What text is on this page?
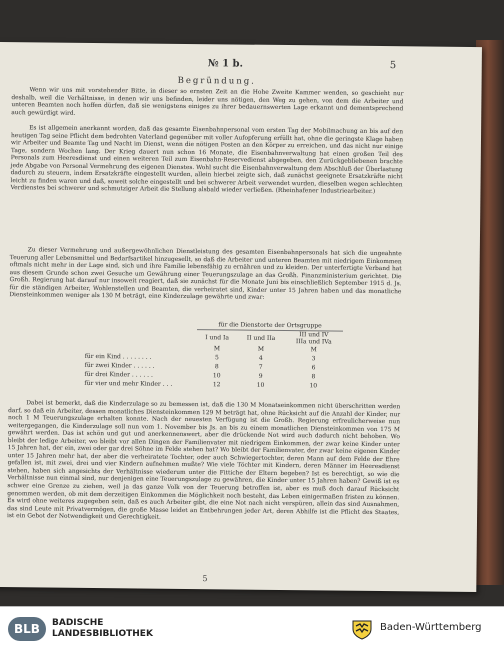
№ 1 b.	5
Begründung.

Wenn wir uns mit vorstehender Bitte, in dieser so ernsten Zeit an die Hohe Zweite Kammer wenden, so geschieht nur deshalb, weil die Verhältnisse, in denen wir uns befinden, leider uns nötigen, den Weg zu gehen, von dem die Arbeiter und unteren Beamten noch hoffen dürfen, daß sie wenigstens einiges zu ihrer bedauernswerten Lage erkannt und dementsprechend auch gewürdigt wird.

Es ist allgemein anerkannt worden, daß das gesamte Eisenbahnpersonal vom ersten Tag der Mobilmachung an bis auf den heutigen Tag seine Pflicht dem bedrohten Vaterland gegenüber mit voller Aufopferung erfüllt hat, ohne die geringste Klage haben wir Arbeiter und Beamte Tag und Nacht im Dienst, wenn die nötigen Posten an den Körper zu erreichen, und das nicht nur einige Tage, sondern Wochen lang. Der Krieg dauert nun schon 16 Monate, die Eisenbahnverwaltung hat einen großen Teil des Personals zum Heeresdienst und einen weiteren Teil zum Eisenbahn-Reservedienst abgegeben, den Zurückgebliebenen brachte jede Abgabe von Personal Vermehrung des eigenen Dienstes. Wohl sucht die Eisenbahnverwaltung dem Abschluß der Überlastung dadurch zu steuern, indem Ersatzkräfte eingestellt wurden, allein hierbei zeigte sich, daß zunächst geeignete Ersatzkräfte nicht leicht zu finden waren und daß, soweit solche eingestellt und bei schwerer Arbeit verwendet wurden, dieselben wegen schlechten Verdienstes bei schwerer und schmutziger Arbeit die Stellung alsbald wieder verließen. (Rheinhafener Industriearbeiter.)

Zu dieser Vermehrung und außergewöhnlichen Dienstleistung des gesamten Eisenbahnpersonals hat sich die ungeahnte Teuerung aller Lebensmittel und Bedarfsartikel hinzugesellt, so daß die Arbeiter und unteren Beamten mit niedrigem Einkommen oftmals nicht mehr in der Lage sind, sich und ihre Familie lebensfähig zu ernähren und zu kleiden. Der unterfertigte Verband hat aus diesem Grunde schon zwei Gesuche um Gewährung einer Teuerungszulage an das Großh. Finanzministerium gerichtet. Die Großh. Regierung hat darauf nur insoweit reagiert, daß sie zunächst für die Monate Juni bis einschließlich September 1915 d. Js. für die ständigen Arbeiter, Wohlenstellen und Beamten, die verheiratet sind, Kinder unter 15 Jahren haben und das monatliche Diensteinkommen weniger als 130 M beträgt, eine Kinderzulage gewährte und zwar:

	für die Dienstorte der Ortsgruppe		
	I und Ia	II und IIa	III und IV
IIIa und IVa
	M	M	M
für ein Kind . . . . . . . .	5	4	3
für zwei Kinder . . . . . .	8	7	6
für drei Kinder . . . . . .	10	9	8
für vier und mehr Kinder . . .	12	10	10

Dabei ist bemerkt, daß die Kinderzulage so zu bemessen ist, daß die 130 M Monatseinkommen nicht überschritten werden darf, so daß ein Arbeiter, dessen monatliches Diensteinkommen 129 M beträgt hat, ohne Rücksicht auf die Anzahl der Kinder, nur noch 1 M Teuerungszulage erhalten konnte. Nach der neuesten Verfügung ist die Großh. Regierung erfreulicherweise nun weitergegangen, die Kinderzulage soll nun vom 1. November bis Js. an bis zu einem monatlichen Diensteinkommen von 175 M gewährt werden. Das ist schön und gut und anerkennenswert, aber die drückende Not wird auch dadurch nicht behoben. Wo bleibt der ledige Arbeiter, wo bleibt vor allen Dingen der Familienvater mit niedrigem Einkommen, der zwar keine Kinder unter 15 Jahren hat, der ein, zwei oder gar drei Söhne im Felde stehen hat? Wo bleibt der Familienvater, der zwar keine eigenen Kinder unter 15 Jahren mehr hat, der aber die verheiratete Tochter, oder auch Schwiegertochter, deren Mann auf dem Felde der Ehre gefallen ist, mit zwei, drei und vier Kindern aufnehmen mußte? Wie viele Töchter mit Kindern, deren Männer im Heeresdienst stehen, haben sich angesichts der Verhältnisse wiederum unter die Fittiche der Eltern begeben? Ist es berechtigt, so wie die Verhältnisse nun einmal sind, nur denjenigen eine Teuerungszulage zu gewähren, die Kinder unter 15 Jahren haben? Gewiß ist es schwer eine Grenze zu ziehen, weil ja das ganze Volk von der Teuerung betroffen ist, aber es muß doch darauf Rücksicht genommen werden, ob mit dem derzeitigen Einkommen die Möglichkeit noch besteht, das Leben einigermaßen fristen zu können. Es wird ohne weiteres zugegeben sein, daß es auch Arbeiter gibt, die eine Not nach nicht verspüren, allein das sind Ausnahmen, das sind Leute mit Privatvermögen, die große Masse leidet an Entbehrungen jeder Art, deren Abhilfe ist die Pflicht des Staates, ist ein Gebot der Notwendigkeit und Gerechtigkeit.

5
BLB	BADISCHE
LANDESBIBLIOTHEK
Baden-Württemberg
